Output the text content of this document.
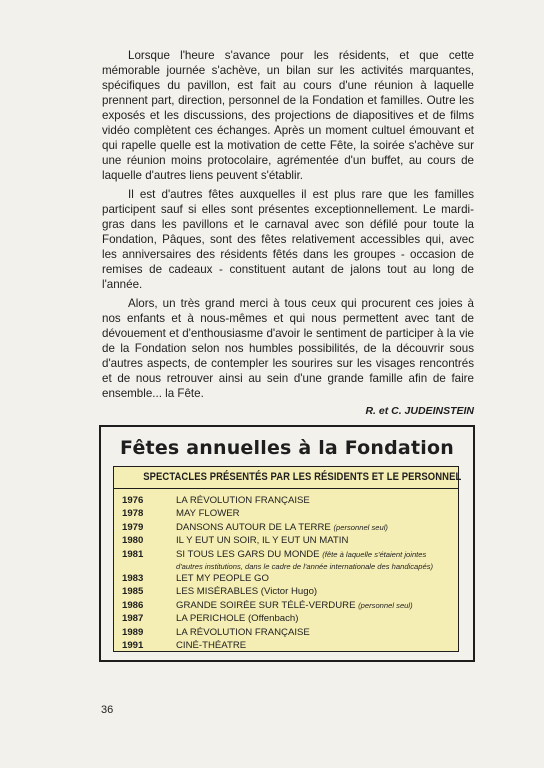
Lorsque l'heure s'avance pour les résidents, et que cette mémorable journée s'achève, un bilan sur les activités marquantes, spécifiques du pavillon, est fait au cours d'une réunion à laquelle prennent part, direction, personnel de la Fondation et familles. Outre les exposés et les discussions, des projections de diapositives et de films vidéo complètent ces échanges. Après un moment cultuel émouvant et qui rapelle quelle est la motivation de cette Fête, la soirée s'achève sur une réunion moins protocolaire, agrémentée d'un buffet, au cours de laquelle d'autres liens peuvent s'établir.

Il est d'autres fêtes auxquelles il est plus rare que les familles participent sauf si elles sont présentes exceptionnellement. Le mardi-gras dans les pavillons et le carnaval avec son défilé pour toute la Fondation, Pâques, sont des fêtes relativement accessibles qui, avec les anniversaires des résidents fêtés dans les groupes - occasion de remises de cadeaux - constituent autant de jalons tout au long de l'année.

Alors, un très grand merci à tous ceux qui procurent ces joies à nos enfants et à nous-mêmes et qui nous permettent avec tant de dévouement et d'enthousiasme d'avoir le sentiment de participer à la vie de la Fondation selon nos humbles possibilités, de la découvrir sous d'autres aspects, de contempler les sourires sur les visages rencontrés et de nous retrouver ainsi au sein d'une grande famille afin de faire ensemble... la Fête.

R. et C. JUDEINSTEIN
Fêtes annuelles à la Fondation
SPECTACLES PRÉSENTÉS PAR LES RÉSIDENTS ET LE PERSONNEL
1976	LA RÉVOLUTION FRANÇAISE
1978	MAY FLOWER
1979	DANSONS AUTOUR DE LA TERRE (personnel seul)
1980	IL Y EUT UN SOIR, IL Y EUT UN MATIN
1981	SI TOUS LES GARS DU MONDE (fête à laquelle s'étaient jointes
d'autres institutions, dans le cadre de l'année internationale des handicapés)
1983	LET MY PEOPLE GO
1985	LES MISÉRABLES (Victor Hugo)
1986	GRANDE SOIRÉE SUR TÉLÉ-VERDURE (personnel seul)
1987	LA PERICHOLE (Offenbach)
1989	LA RÉVOLUTION FRANÇAISE
1991	CINÉ-THÉATRE
36
